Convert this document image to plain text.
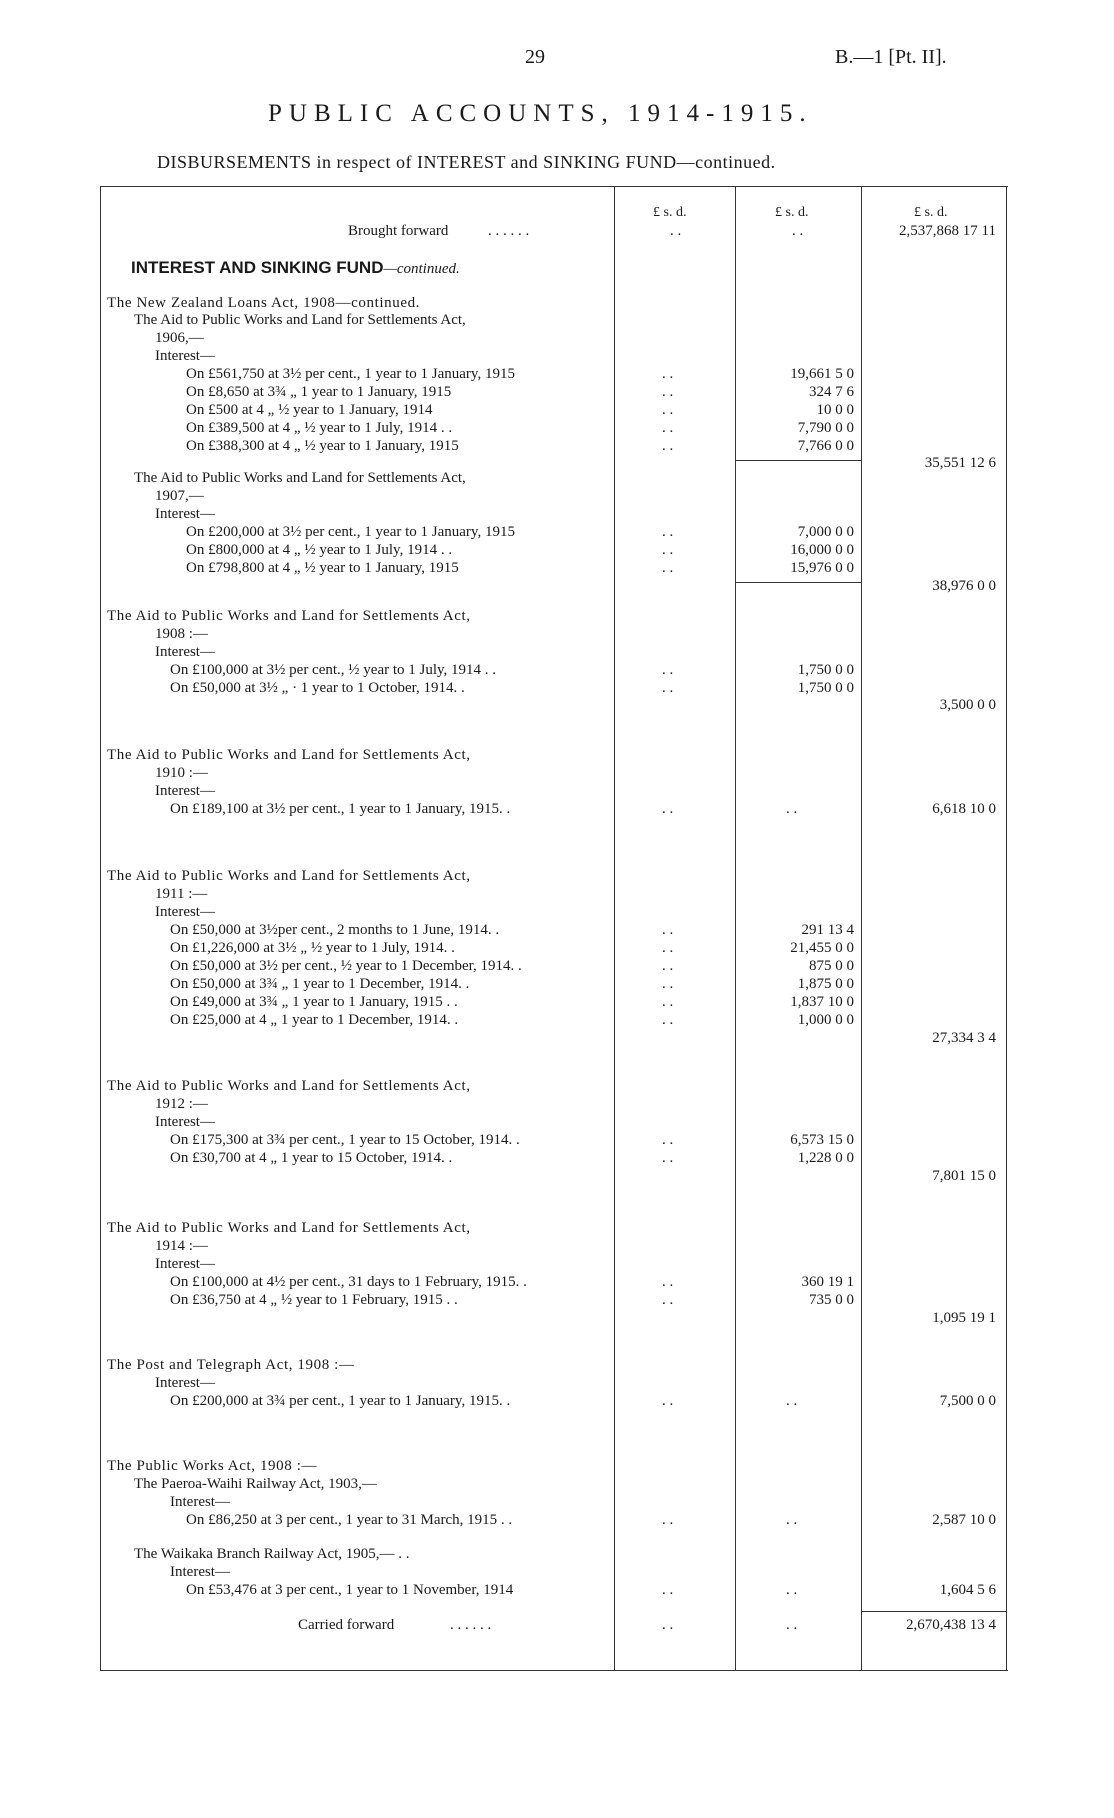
29	B.—1 [Pt. II].
PUBLIC ACCOUNTS, 1914-1915.
DISBURSEMENTS in respect of INTEREST and SINKING FUND—continued.
£ s. d.	£ s. d.	£ s. d.
Brought forward	. . . . . .	. .	. .	2,537,868 17 11
INTEREST AND SINKING FUND—continued.
The New Zealand Loans Act, 1908—continued.
The Aid to Public Works and Land for Settlements Act,
1906,—
Interest—
On £561,750 at 3½ per cent., 1 year to 1 January, 1915	. .	19,661 5 0
On £8,650 at 3¾ „ 1 year to 1 January, 1915	. .	324 7 6
On £500 at 4 „ ½ year to 1 January, 1914	. .	10 0 0
On £389,500 at 4 „ ½ year to 1 July, 1914 . .	. .	7,790 0 0
On £388,300 at 4 „ ½ year to 1 January, 1915	. .	7,766 0 0
35,551 12 6
The Aid to Public Works and Land for Settlements Act,
1907,—
Interest—
On £200,000 at 3½ per cent., 1 year to 1 January, 1915	. .	7,000 0 0
On £800,000 at 4 „ ½ year to 1 July, 1914 . .	. .	16,000 0 0
On £798,800 at 4 „ ½ year to 1 January, 1915	. .	15,976 0 0
38,976 0 0
The Aid to Public Works and Land for Settlements Act,
1908 :—
Interest—
On £100,000 at 3½ per cent., ½ year to 1 July, 1914 . .	. .	1,750 0 0
On £50,000 at 3½ „ · 1 year to 1 October, 1914. .	. .	1,750 0 0
3,500 0 0
The Aid to Public Works and Land for Settlements Act,
1910 :—
Interest—
On £189,100 at 3½ per cent., 1 year to 1 January, 1915. .	. .	. .	6,618 10 0
The Aid to Public Works and Land for Settlements Act,
1911 :—
Interest—
On £50,000 at 3½per cent., 2 months to 1 June, 1914. .	. .	291 13 4
On £1,226,000 at 3½ „ ½ year to 1 July, 1914. .	. .	21,455 0 0
On £50,000 at 3½ per cent., ½ year to 1 December, 1914. .	. .	875 0 0
On £50,000 at 3¾ „ 1 year to 1 December, 1914. .	. .	1,875 0 0
On £49,000 at 3¾ „ 1 year to 1 January, 1915 . .	. .	1,837 10 0
On £25,000 at 4 „ 1 year to 1 December, 1914. .	. .	1,000 0 0
27,334 3 4
The Aid to Public Works and Land for Settlements Act,
1912 :—
Interest—
On £175,300 at 3¾ per cent., 1 year to 15 October, 1914. .	. .	6,573 15 0
On £30,700 at 4 „ 1 year to 15 October, 1914. .	. .	1,228 0 0
7,801 15 0
The Aid to Public Works and Land for Settlements Act,
1914 :—
Interest—
On £100,000 at 4½ per cent., 31 days to 1 February, 1915. .	. .	360 19 1
On £36,750 at 4 „ ½ year to 1 February, 1915 . .	. .	735 0 0
1,095 19 1
The Post and Telegraph Act, 1908 :—
Interest—
On £200,000 at 3¾ per cent., 1 year to 1 January, 1915. .	. .	. .	7,500 0 0
The Public Works Act, 1908 :—
The Paeroa-Waihi Railway Act, 1903,—
Interest—
On £86,250 at 3 per cent., 1 year to 31 March, 1915 . .	. .	. .	2,587 10 0
The Waikaka Branch Railway Act, 1905,— . .
Interest—
On £53,476 at 3 per cent., 1 year to 1 November, 1914	. .	. .	1,604 5 6
Carried forward	. . . . . .	. .	. .	2,670,438 13 4
